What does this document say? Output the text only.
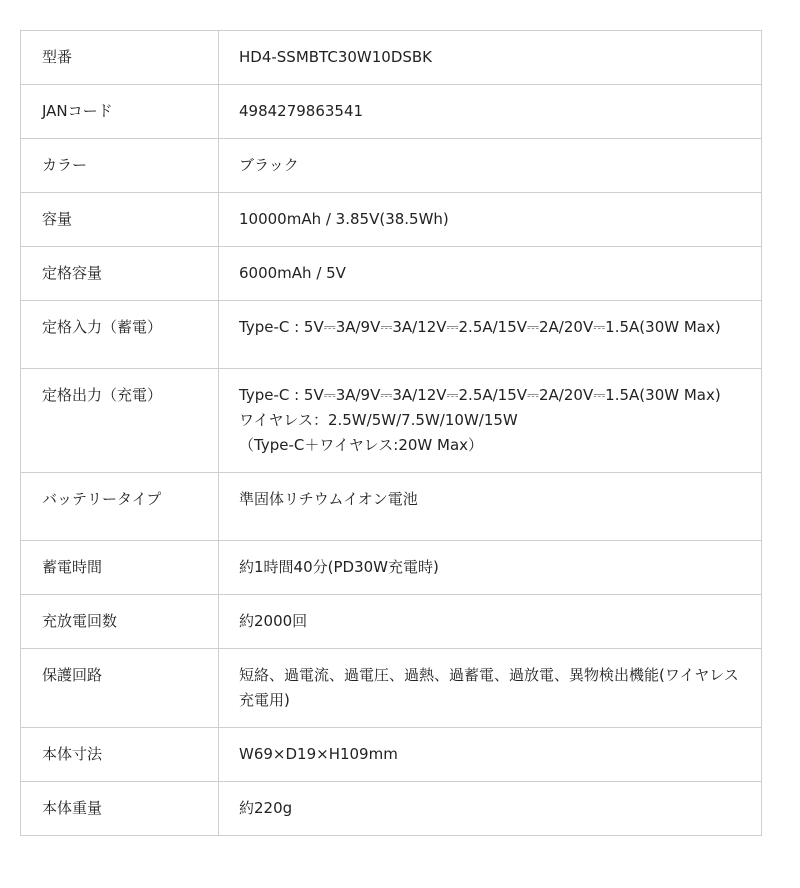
型番	HD4-SSMBTC30W10DSBK

JANコード	4984279863541

カラー	ブラック

容量	10000mAh / 3.85V(38.5Wh)

定格容量	6000mAh / 5V

定格入力（蓄電）	Type-C : 5V⎓3A/9V⎓3A/12V⎓2.5A/15V⎓2A/20V⎓1.5A(30W Max)

定格出力（充電）	Type-C : 5V⎓3A/9V⎓3A/12V⎓2.5A/15V⎓2A/20V⎓1.5A(30W Max)
ワイヤレス：2.5W/5W/7.5W/10W/15W
（Type-C＋ワイヤレス:20W Max）

バッテリータイプ	準固体リチウムイオン電池

蓄電時間	約1時間40分(PD30W充電時)

充放電回数	約2000回

保護回路	短絡、過電流、過電圧、過熱、過蓄電、過放電、異物検出機能(ワイヤレス充電用)

本体寸法	W69×D19×H109mm

本体重量	約220g
